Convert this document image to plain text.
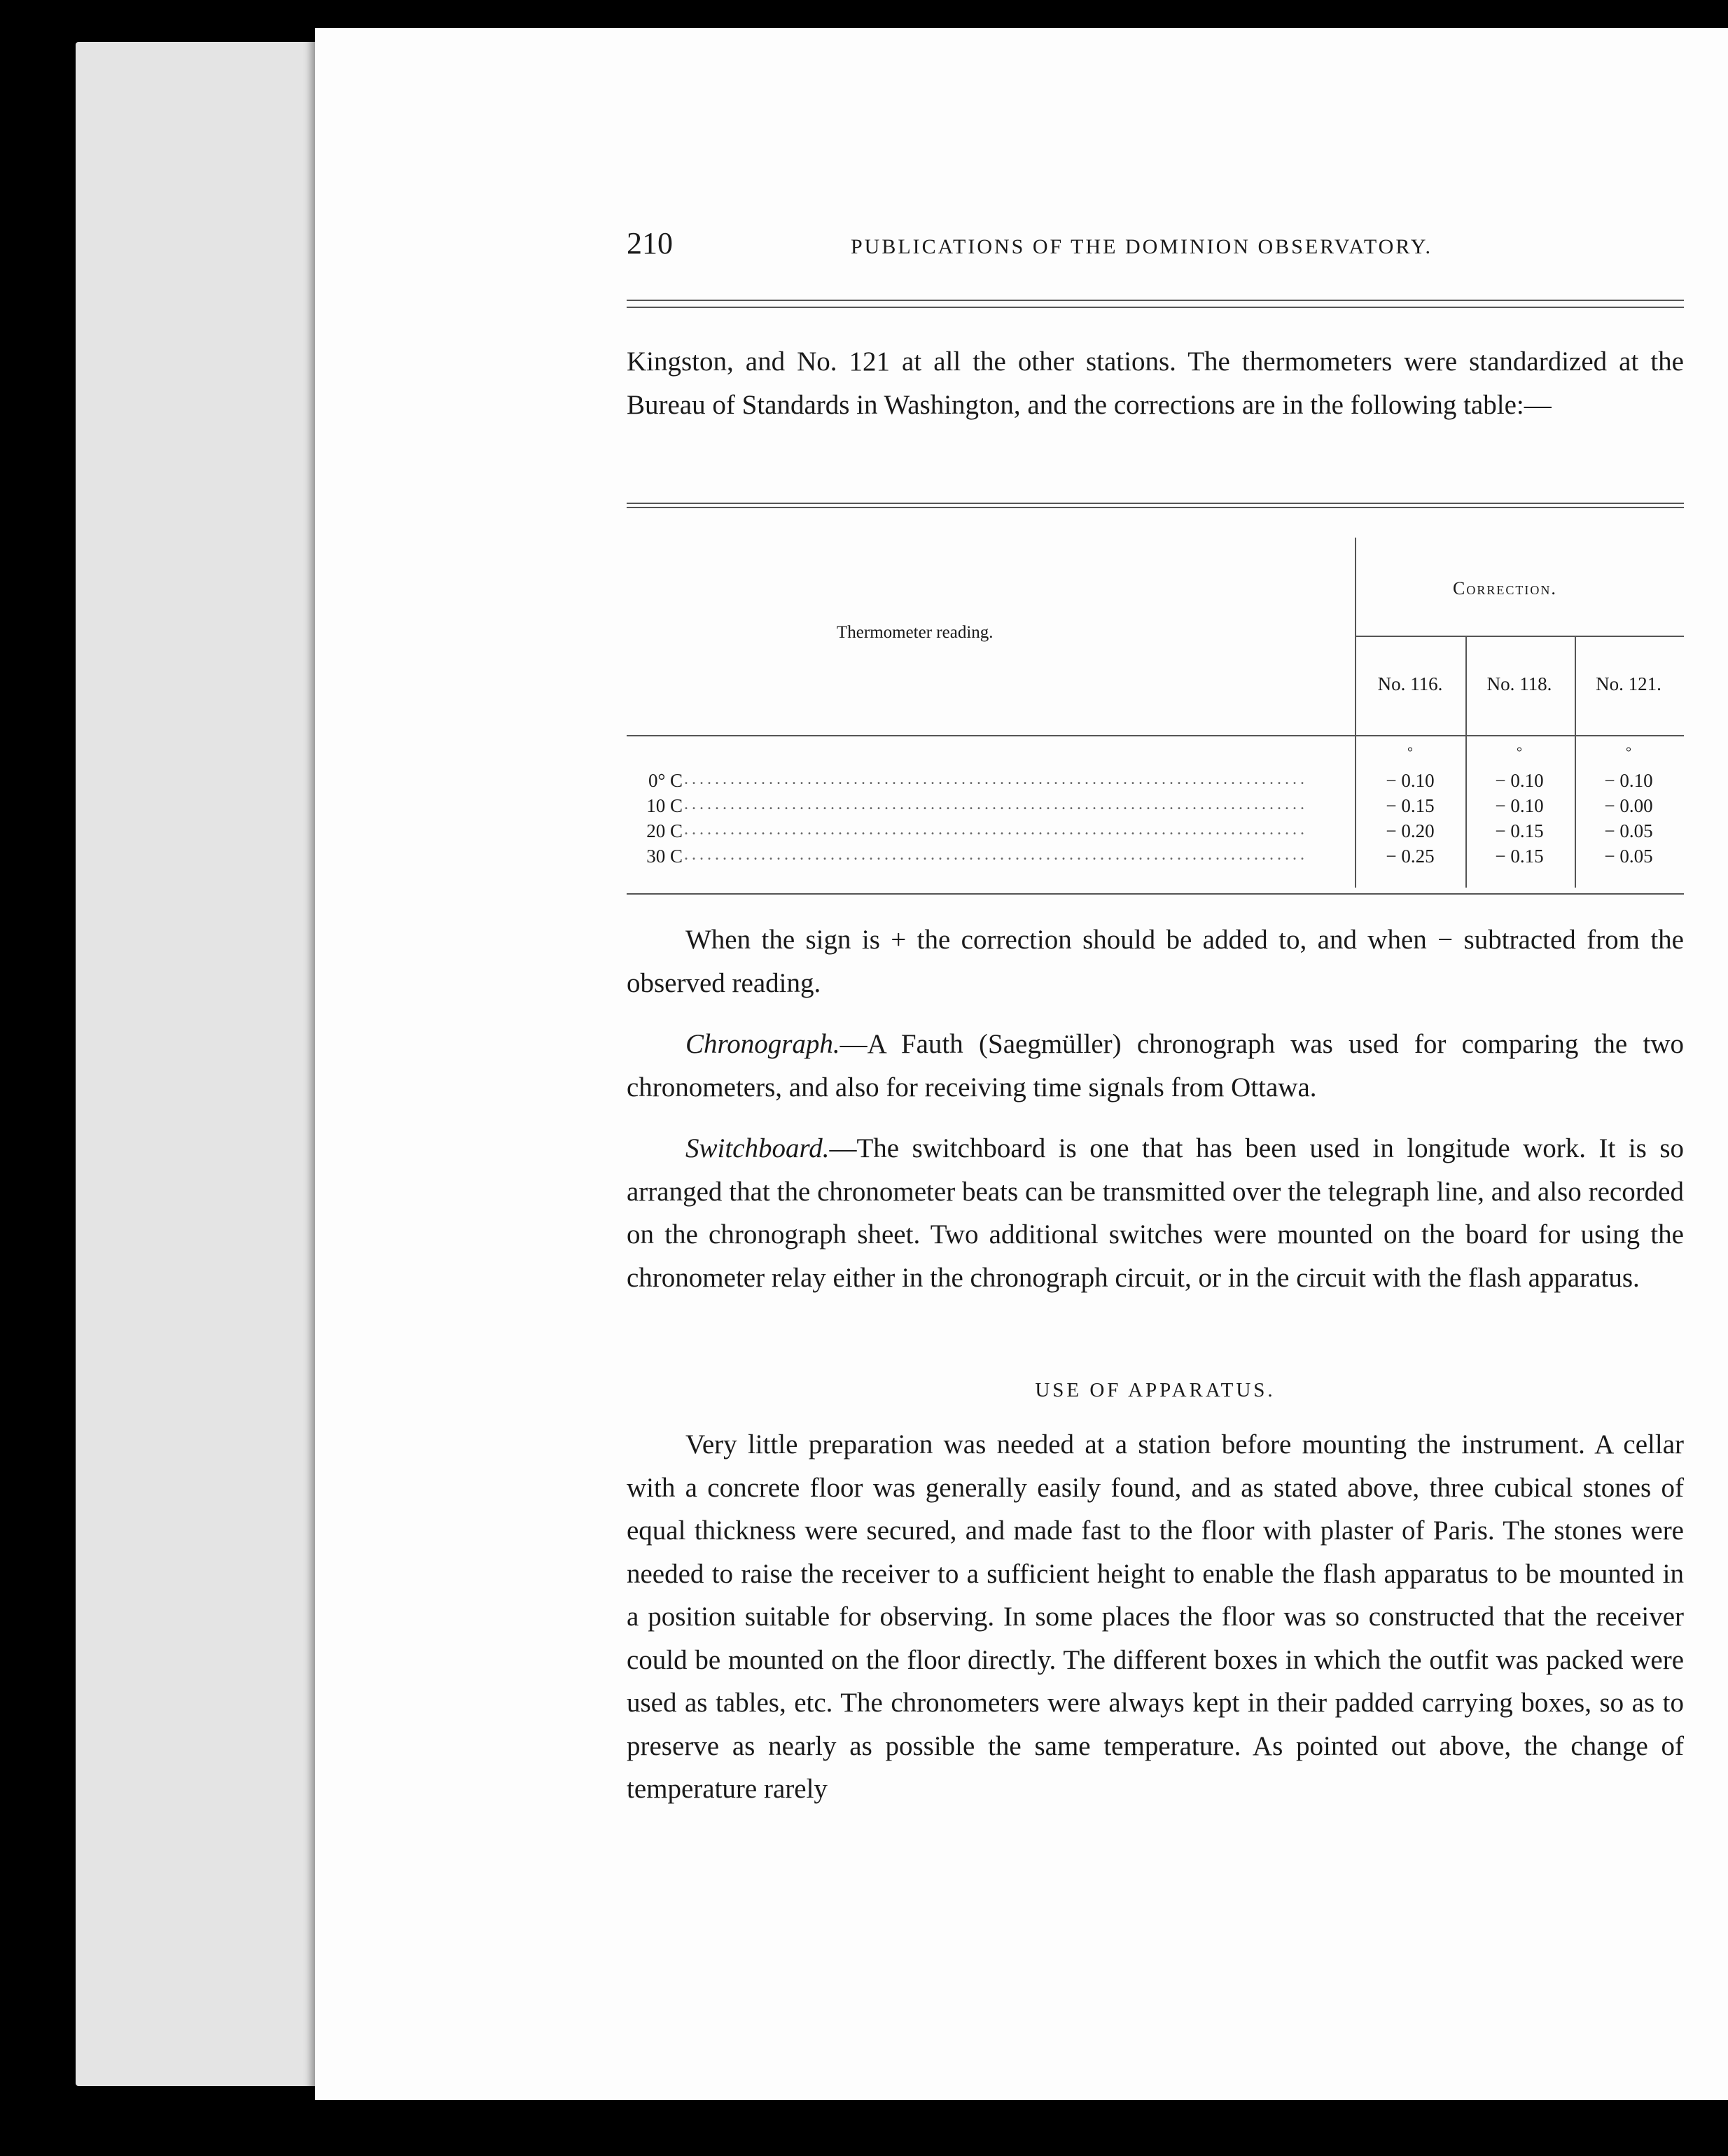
210	PUBLICATIONS OF THE DOMINION OBSERVATORY.

Kingston, and No. 121 at all the other stations. The thermometers were standardized at the Bureau of Standards in Washington, and the corrections are in the following table:—

Thermometer reading.
Correction.
No. 116.	No. 118.	No. 121.
°	°	°
0° C .................................................................................	− 0.10	− 0.10	− 0.10
10 C .................................................................................	− 0.15	− 0.10	− 0.00
20 C .................................................................................	− 0.20	− 0.15	− 0.05
30 C .................................................................................	− 0.25	− 0.15	− 0.05

When the sign is + the correction should be added to, and when − subtracted from the observed reading.

Chronograph.—A Fauth (Saegmüller) chronograph was used for comparing the two chronometers, and also for receiving time signals from Ottawa.

Switchboard.—The switchboard is one that has been used in longitude work. It is so arranged that the chronometer beats can be transmitted over the telegraph line, and also recorded on the chronograph sheet. Two additional switches were mounted on the board for using the chronometer relay either in the chronograph circuit, or in the circuit with the flash apparatus.

USE OF APPARATUS.

Very little preparation was needed at a station before mounting the instrument. A cellar with a concrete floor was generally easily found, and as stated above, three cubical stones of equal thickness were secured, and made fast to the floor with plaster of Paris. The stones were needed to raise the receiver to a sufficient height to enable the flash apparatus to be mounted in a position suitable for observing. In some places the floor was so constructed that the receiver could be mounted on the floor directly. The different boxes in which the outfit was packed were used as tables, etc. The chronometers were always kept in their padded carrying boxes, so as to preserve as nearly as possible the same temperature. As pointed out above, the change of temperature rarely
